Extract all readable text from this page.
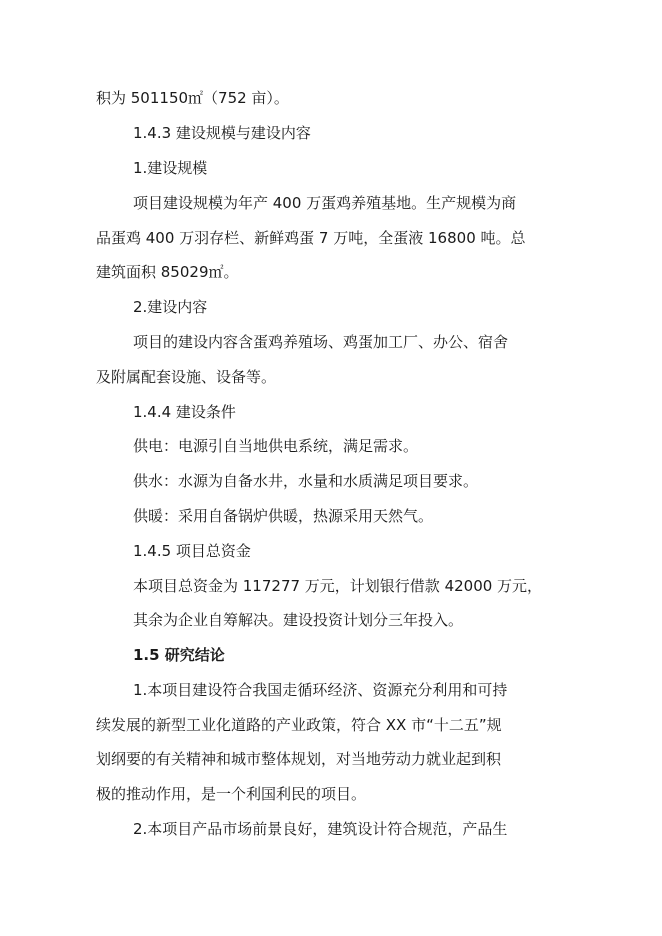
积为 501150㎡（752 亩）。
1.4.3 建设规模与建设内容
1.建设规模
项目建设规模为年产 400 万蛋鸡养殖基地。生产规模为商
品蛋鸡 400 万羽存栏、新鲜鸡蛋 7 万吨，全蛋液 16800 吨。总
建筑面积 85029㎡。
2.建设内容
项目的建设内容含蛋鸡养殖场、鸡蛋加工厂、办公、宿舍
及附属配套设施、设备等。
1.4.4 建设条件
供电：电源引自当地供电系统，满足需求。
供水：水源为自备水井，水量和水质满足项目要求。
供暖：采用自备锅炉供暖，热源采用天然气。
1.4.5 项目总资金
本项目总资金为 117277 万元，计划银行借款 42000 万元，
其余为企业自筹解决。建设投资计划分三年投入。
1.5 研究结论
1.本项目建设符合我国走循环经济、资源充分利用和可持
续发展的新型工业化道路的产业政策，符合 XX 市“十二五”规
划纲要的有关精神和城市整体规划，对当地劳动力就业起到积
极的推动作用，是一个利国利民的项目。
2.本项目产品市场前景良好，建筑设计符合规范，产品生
